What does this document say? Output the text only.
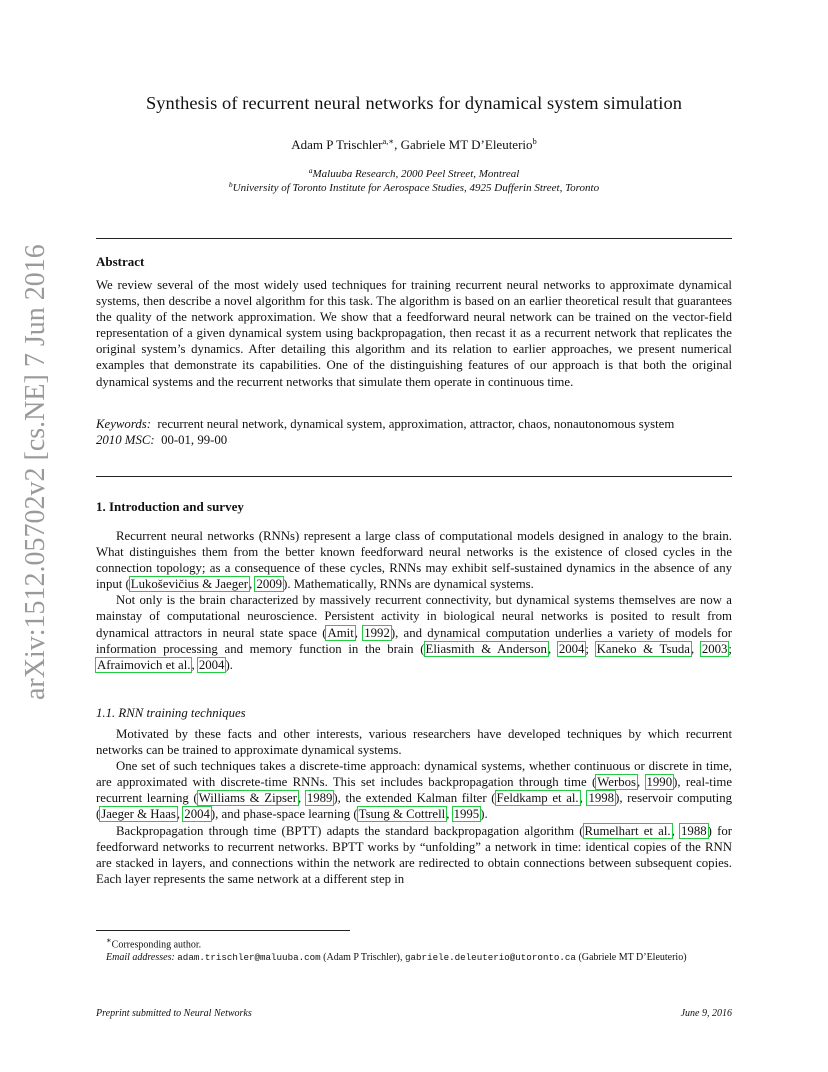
arXiv:1512.05702v2 [cs.NE] 7 Jun 2016
Synthesis of recurrent neural networks for dynamical system simulation
Adam P Trischler$^{a,∗}$, Gabriele MT D’Eleuterio$^b$
$^a$Maluuba Research, 2000 Peel Street, Montreal
$^b$University of Toronto Institute for Aerospace Studies, 4925 Dufferin Street, Toronto
Abstract

We review several of the most widely used techniques for training recurrent neural networks to approximate dynamical systems, then describe a novel algorithm for this task. The algorithm is based on an earlier theoretical result that guarantees the quality of the network approximation. We show that a feedforward neural network can be trained on the vector-field representation of a given dynamical system using backpropagation, then recast it as a recurrent network that replicates the original system’s dynamics. After detailing this algorithm and its relation to earlier approaches, we present numerical examples that demonstrate its capabilities. One of the distinguishing features of our approach is that both the original dynamical systems and the recurrent networks that simulate them operate in continuous time.

Keywords: recurrent neural network, dynamical system, approximation, attractor, chaos, nonautonomous system

2010 MSC: 00-01, 99-00

1. Introduction and survey

Recurrent neural networks (RNNs) represent a large class of computational models designed in analogy to the brain. What distinguishes them from the better known feedforward neural networks is the existence of closed cycles in the connection topology; as a consequence of these cycles, RNNs may exhibit self-sustained dynamics in the absence of any input (Lukoševičius & Jaeger, 2009). Mathematically, RNNs are dynamical systems.

Not only is the brain characterized by massively recurrent connectivity, but dynamical systems themselves are now a mainstay of computational neuroscience. Persistent activity in biological neural networks is posited to result from dynamical attractors in neural state space (Amit, 1992), and dynamical computation underlies a variety of models for information processing and memory function in the brain (Eliasmith & Anderson, 2004; Kaneko & Tsuda, 2003; Afraimovich et al., 2004).

1.1. RNN training techniques

Motivated by these facts and other interests, various researchers have developed techniques by which recurrent networks can be trained to approximate dynamical systems.

One set of such techniques takes a discrete-time approach: dynamical systems, whether continuous or discrete in time, are approximated with discrete-time RNNs. This set includes backpropagation through time (Werbos, 1990), real-time recurrent learning (Williams & Zipser, 1989), the extended Kalman filter (Feldkamp et al., 1998), reservoir computing (Jaeger & Haas, 2004), and phase-space learning (Tsung & Cottrell, 1995).

Backpropagation through time (BPTT) adapts the standard backpropagation algorithm (Rumelhart et al., 1988) for feedforward networks to recurrent networks. BPTT works by “unfolding” a network in time: identical copies of the RNN are stacked in layers, and connections within the network are redirected to obtain connections between subsequent copies. Each layer represents the same network at a different step in

∗Corresponding author.

Email addresses: adam.trischler@maluuba.com (Adam P Trischler), gabriele.deleuterio@utoronto.ca (Gabriele MT D’Eleuterio)

Preprint submitted to Neural Networks	June 9, 2016
